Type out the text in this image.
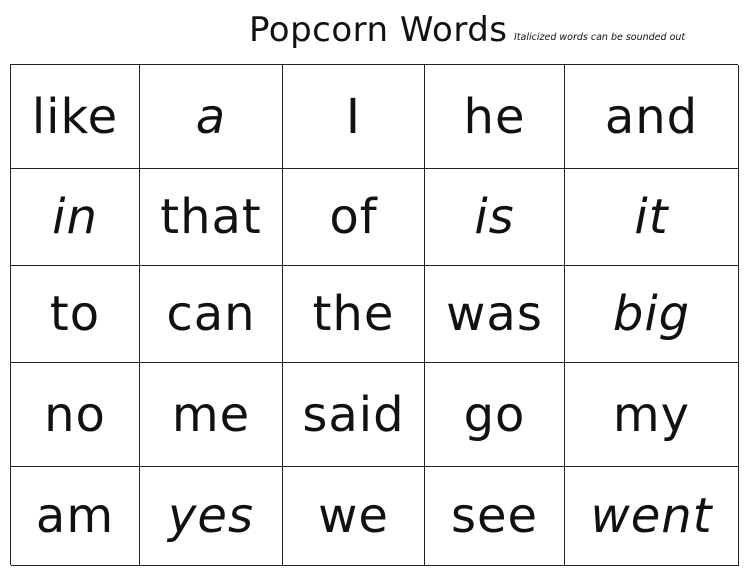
Popcorn Words Italicized words can be sounded out
like a I he and
in that of is it
to can the was big
no me said go my
am yes we see went
